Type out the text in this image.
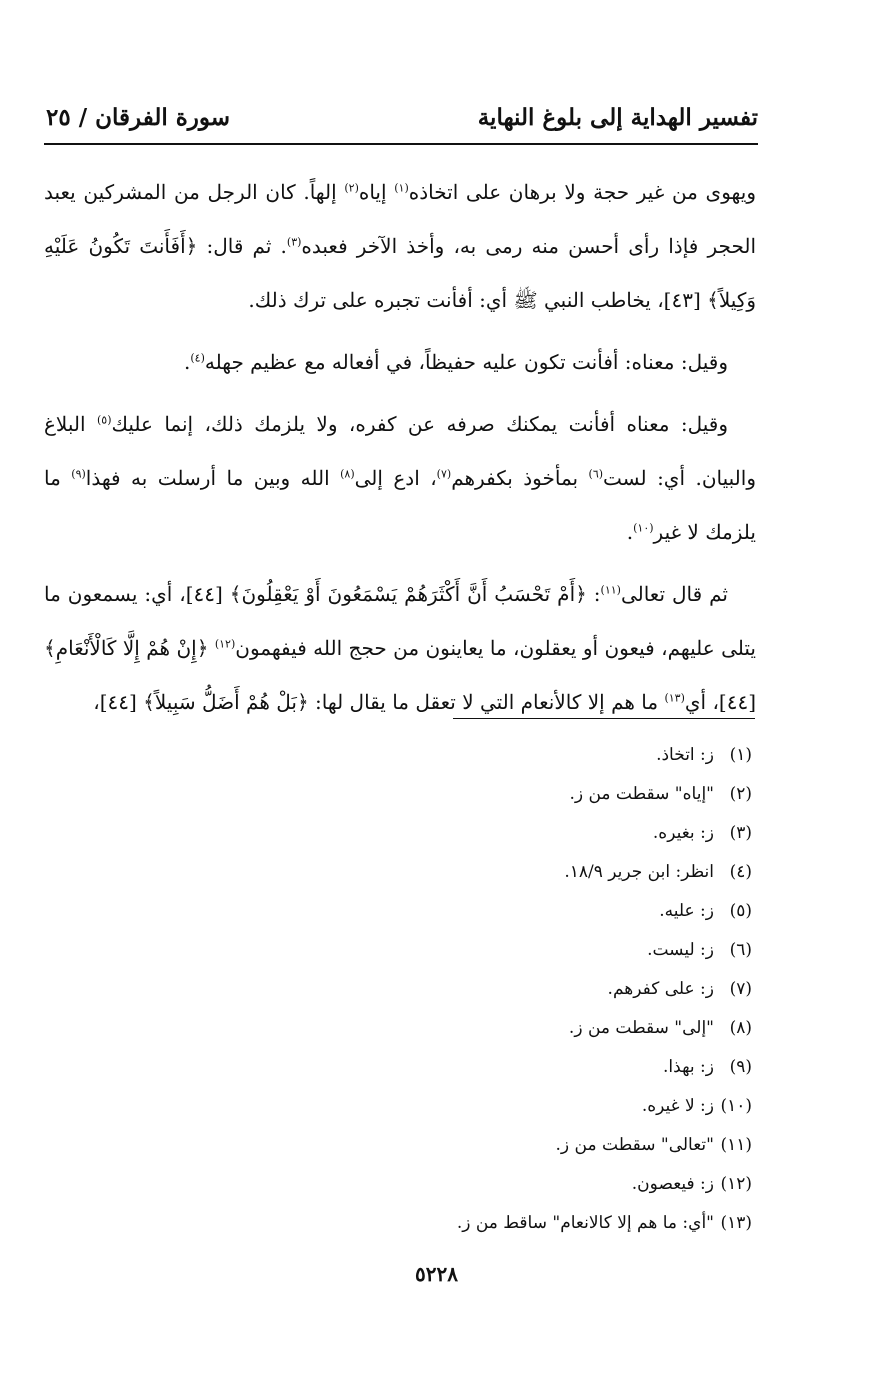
تفسير الهداية إلى بلوغ النهاية
سورة الفرقان / ٢٥

ويهوى من غير حجة ولا برهان على اتخاذه$^{(١)}$ إياه$^{(٢)}$ إلهاً. كان الرجل من المشركين يعبد الحجر فإذا رأى أحسن منه رمى به، وأخذ الآخر فعبده$^{(٣)}$. ثم قال: ﴿أَفَأَنتَ تَكُونُ عَلَيْهِ وَكِيلاً﴾ [٤٣]، يخاطب النبي ﷺ أي: أفأنت تجبره على ترك ذلك.

وقيل: معناه: أفأنت تكون عليه حفيظاً، في أفعاله مع عظيم جهله$^{(٤)}$.

وقيل: معناه أفأنت يمكنك صرفه عن كفره، ولا يلزمك ذلك، إنما عليك$^{(٥)}$ البلاغ والبيان. أي: لست$^{(٦)}$ بمأخوذ بكفرهم$^{(٧)}$، ادع إلى$^{(٨)}$ الله وبين ما أرسلت به فهذا$^{(٩)}$ ما يلزمك لا غير$^{(١٠)}$.

ثم قال تعالى$^{(١١)}$: ﴿أَمْ تَحْسَبُ أَنَّ أَكْثَرَهُمْ يَسْمَعُونَ أَوْ يَعْقِلُونَ﴾ [٤٤]، أي: يسمعون ما يتلى عليهم، فيعون أو يعقلون، ما يعاينون من حجج الله فيفهمون$^{(١٢)}$ ﴿إِنْ هُمْ إِلَّا كَالْأَنْعَامِ﴾ [٤٤]، أي$^{(١٣)}$ ما هم إلا كالأنعام التي لا تعقل ما يقال لها: ﴿بَلْ هُمْ أَضَلُّ سَبِيلاً﴾ [٤٤]،

(١)ز: اتخاذ.
(٢)"إياه" سقطت من ز.
(٣)ز: بغيره.
(٤)انظر: ابن جرير ١٨/٩.
(٥)ز: عليه.
(٦)ز: ليست.
(٧)ز: على كفرهم.
(٨)"إلى" سقطت من ز.
(٩)ز: بهذا.
(١٠)ز: لا غيره.
(١١)"تعالى" سقطت من ز.
(١٢)ز: فيعصون.
(١٣)"أي: ما هم إلا كالانعام" ساقط من ز.
٥٢٢٨
